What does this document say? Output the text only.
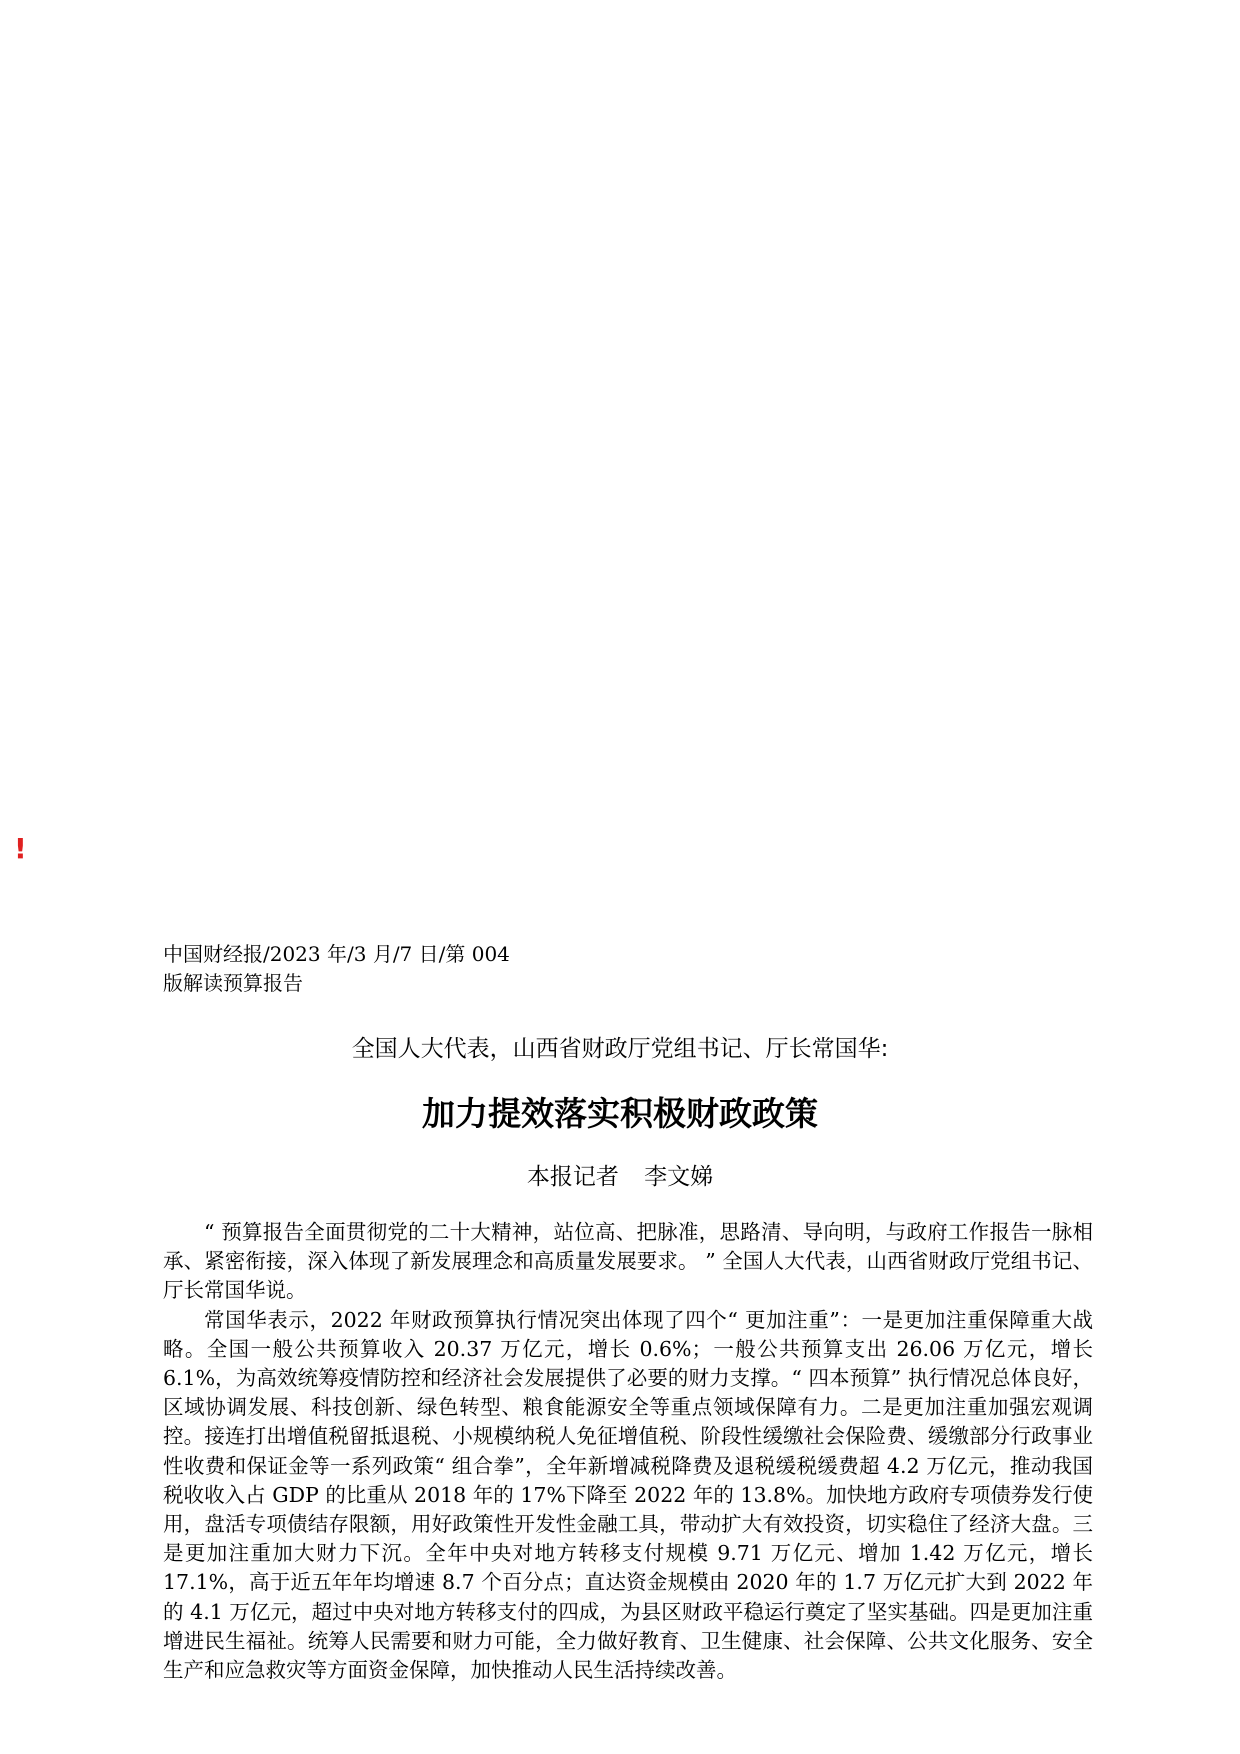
!
中国财经报/2023 年/3 月/7 日/第 004
版解读预算报告
全国人大代表，山西省财政厅党组书记、厅长常国华:
加力提效落实积极财政政策
本报记者 李文娣

“ 预算报告全面贯彻党的二十大精神，站位高、把脉准，思路清、导向明，与政府工作报告一脉相承、紧密衔接，深入体现了新发展理念和高质量发展要求。 ” 全国人大代表，山西省财政厅党组书记、厅长常国华说。

常国华表示，2022 年财政预算执行情况突出体现了四个“ 更加注重”：一是更加注重保障重大战略。全国一般公共预算收入 20.37 万亿元，增长 0.6%；一般公共预算支出 26.06 万亿元，增长 6.1%，为高效统筹疫情防控和经济社会发展提供了必要的财力支撑。“ 四本预算” 执行情况总体良好，区域协调发展、科技创新、绿色转型、粮食能源安全等重点领域保障有力。二是更加注重加强宏观调控。接连打出增值税留抵退税、小规模纳税人免征增值税、阶段性缓缴社会保险费、缓缴部分行政事业性收费和保证金等一系列政策“ 组合拳”，全年新增减税降费及退税缓税缓费超 4.2 万亿元，推动我国税收收入占 GDP 的比重从 2018 年的 17%下降至 2022 年的 13.8%。加快地方政府专项债券发行使用，盘活专项债结存限额，用好政策性开发性金融工具，带动扩大有效投资，切实稳住了经济大盘。三是更加注重加大财力下沉。全年中央对地方转移支付规模 9.71 万亿元、增加 1.42 万亿元，增长 17.1%，高于近五年年均增速 8.7 个百分点；直达资金规模由 2020 年的 1.7 万亿元扩大到 2022 年的 4.1 万亿元，超过中央对地方转移支付的四成，为县区财政平稳运行奠定了坚实基础。四是更加注重增进民生福祉。统筹人民需要和财力可能，全力做好教育、卫生健康、社会保障、公共文化服务、安全生产和应急救灾等方面资金保障，加快推动人民生活持续改善。
